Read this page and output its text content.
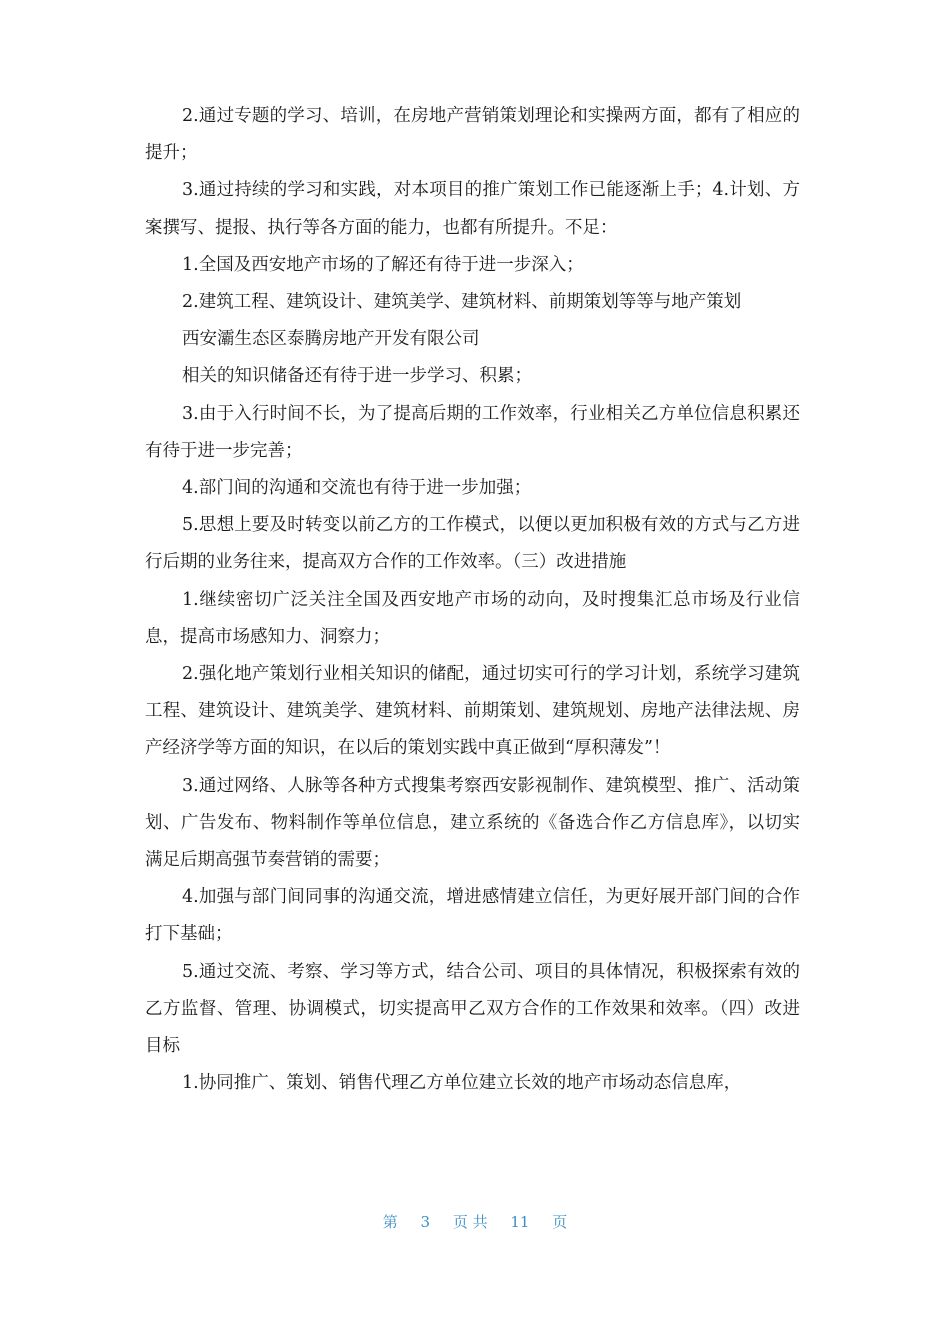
2.通过专题的学习、培训，在房地产营销策划理论和实操两方面，都有了相应的提升；

3.通过持续的学习和实践，对本项目的推广策划工作已能逐渐上手；4.计划、方案撰写、提报、执行等各方面的能力，也都有所提升。不足：

1.全国及西安地产市场的了解还有待于进一步深入；

2.建筑工程、建筑设计、建筑美学、建筑材料、前期策划等等与地产策划

西安灞生态区泰腾房地产开发有限公司

相关的知识储备还有待于进一步学习、积累；

3.由于入行时间不长，为了提高后期的工作效率，行业相关乙方单位信息积累还有待于进一步完善；

4.部门间的沟通和交流也有待于进一步加强；

5.思想上要及时转变以前乙方的工作模式，以便以更加积极有效的方式与乙方进行后期的业务往来，提高双方合作的工作效率。（三）改进措施

1.继续密切广泛关注全国及西安地产市场的动向，及时搜集汇总市场及行业信息，提高市场感知力、洞察力；

2.强化地产策划行业相关知识的储配，通过切实可行的学习计划，系统学习建筑工程、建筑设计、建筑美学、建筑材料、前期策划、建筑规划、房地产法律法规、房产经济学等方面的知识，在以后的策划实践中真正做到“厚积薄发”！

3.通过网络、人脉等各种方式搜集考察西安影视制作、建筑模型、推广、活动策划、广告发布、物料制作等单位信息，建立系统的《备选合作乙方信息库》，以切实满足后期高强节奏营销的需要；

4.加强与部门间同事的沟通交流，增进感情建立信任，为更好展开部门间的合作打下基础；

5.通过交流、考察、学习等方式，结合公司、项目的具体情况，积极探索有效的乙方监督、管理、协调模式，切实提高甲乙双方合作的工作效果和效率。（四）改进目标

1.协同推广、策划、销售代理乙方单位建立长效的地产市场动态信息库，

第 3 页 共 11 页
